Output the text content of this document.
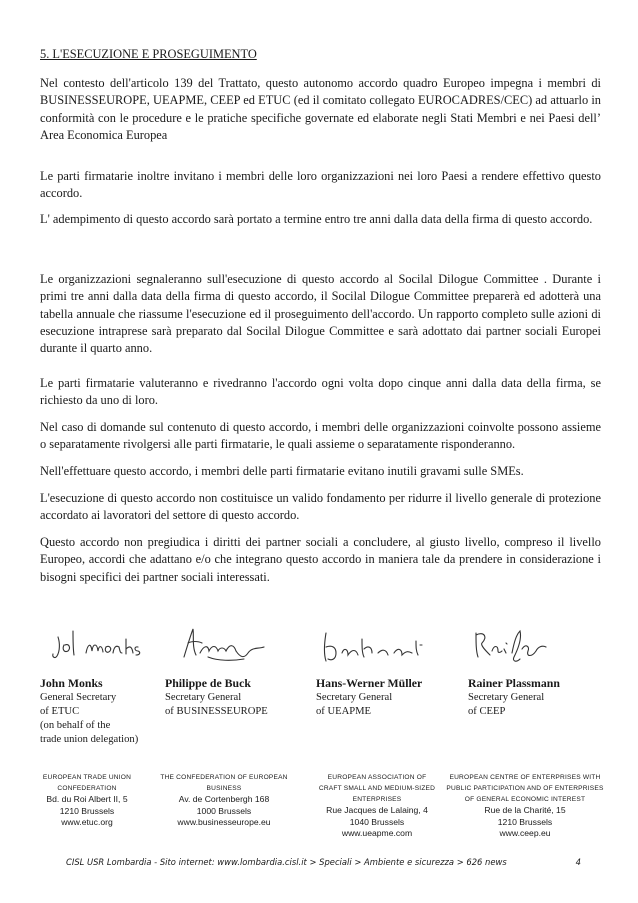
5. L'ESECUZIONE E PROSEGUIMENTO

Nel contesto dell'articolo 139 del Trattato, questo autonomo accordo quadro Europeo impegna i membri di BUSINESSEUROPE, UEAPME, CEEP ed ETUC (ed il comitato collegato EUROCADRES/CEC) ad attuarlo in conformità con le procedure e le pratiche specifiche governate ed elaborate negli Stati Membri e nei Paesi dell’ Area Economica Europea

Le parti firmatarie inoltre invitano i membri delle loro organizzazioni nei loro Paesi a rendere effettivo questo accordo.

L' adempimento di questo accordo sarà portato a termine entro tre anni dalla data della firma di questo accordo.

Le organizzazioni segnaleranno sull'esecuzione di questo accordo al Socilal Dilogue Committee . Durante i primi tre anni dalla data della firma di questo accordo, il Socilal Dilogue Committee preparerà ed adotterà una tabella annuale che riassume l'esecuzione ed il proseguimento dell'accordo. Un rapporto completo sulle azioni di esecuzione intraprese sarà preparato dal Socilal Dilogue Committee e sarà adottato dai partner sociali Europei durante il quarto anno.

Le parti firmatarie valuteranno e rivedranno l'accordo ogni volta dopo cinque anni dalla data della firma, se richiesto da uno di loro.

Nel caso di domande sul contenuto di questo accordo, i membri delle organizzazioni coinvolte possono assieme o separatamente rivolgersi alle parti firmatarie, le quali assieme o separatamente risponderanno.

Nell'effettuare questo accordo, i membri delle parti firmatarie evitano inutili gravami sulle SMEs.

L'esecuzione di questo accordo non costituisce un valido fondamento per ridurre il livello generale di protezione accordato ai lavoratori del settore di questo accordo.

Questo accordo non pregiudica i diritti dei partner sociali a concludere, al giusto livello, compreso il livello Europeo, accordi che adattano e/o che integrano questo accordo in maniera tale da prendere in considerazione i bisogni specifici dei partner sociali interessati.

John Monks
General Secretary
of ETUC
(on behalf of the
trade union delegation)
Philippe de Buck
Secretary General
of BUSINESSEUROPE
Hans-Werner Müller
Secretary General
of UEAPME
Rainer Plassmann
Secretary General
of CEEP
EUROPEAN TRADE UNION
CONFEDERATION
Bd. du Roi Albert II, 5
1210 Brussels
www.etuc.org
THE CONFEDERATION OF EUROPEAN
BUSINESS
Av. de Cortenbergh 168
1000 Brussels
www.businesseurope.eu
EUROPEAN ASSOCIATION OF
CRAFT SMALL AND MEDIUM-SIZED
ENTERPRISES
Rue Jacques de Lalaing, 4
1040 Brussels
www.ueapme.com
EUROPEAN CENTRE OF ENTERPRISES WITH
PUBLIC PARTICIPATION AND OF ENTERPRISES
OF GENERAL ECONOMIC INTEREST
Rue de la Charité, 15
1210 Brussels
www.ceep.eu
CISL USR Lombardia - Sito internet: www.lombardia.cisl.it > Speciali > Ambiente e sicurezza > 626 news	4
